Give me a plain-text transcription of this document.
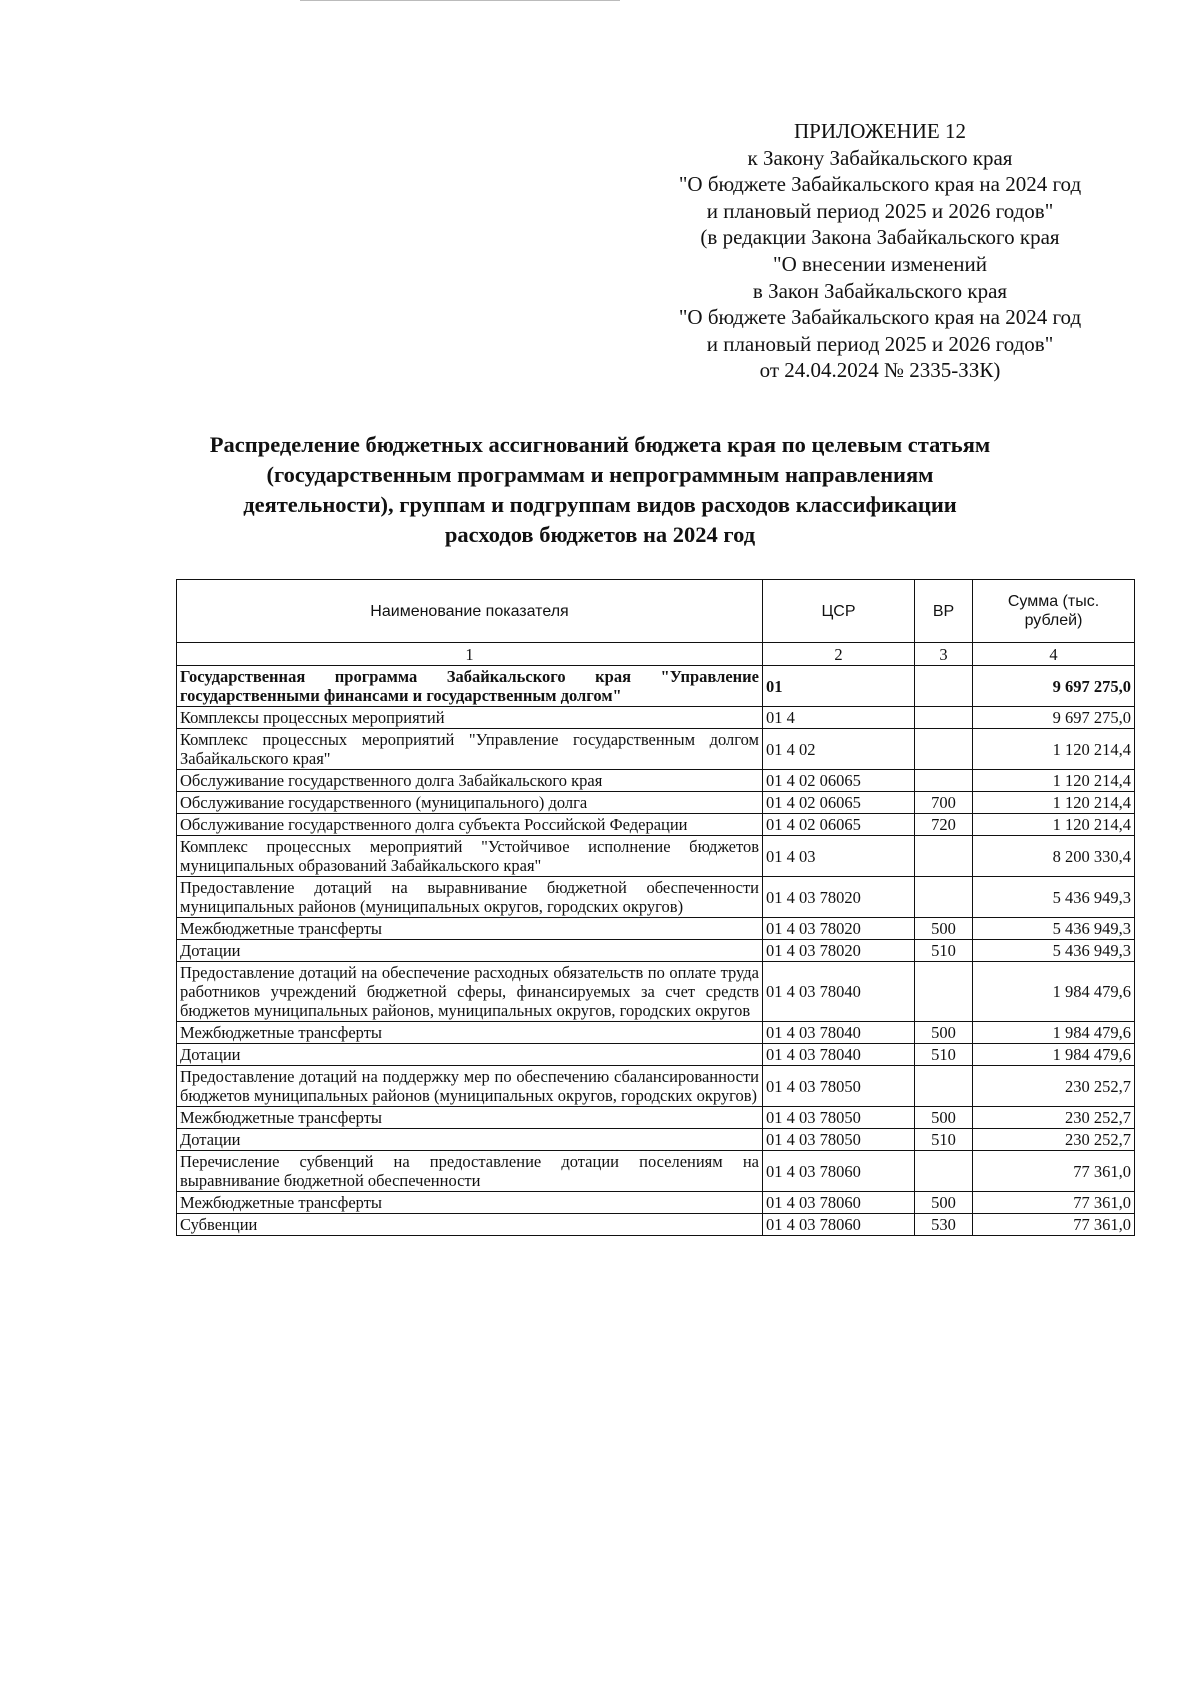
ПРИЛОЖЕНИЕ 12
к Закону Забайкальского края
"О бюджете Забайкальского края на 2024 год
и плановый период 2025 и 2026 годов"
(в редакции Закона Забайкальского края
"О внесении изменений
в Закон Забайкальского края
"О бюджете Забайкальского края на 2024 год
и плановый период 2025 и 2026 годов"
от 24.04.2024 № 2335-ЗЗК)
Распределение бюджетных ассигнований бюджета края по целевым статьям
(государственным программам и непрограммным направлениям
деятельности), группам и подгруппам видов расходов классификации
расходов бюджетов на 2024 год
Наименование показателя	ЦСР	ВР	Сумма (тыс. рублей)
1	2	3	4
Государственная программа Забайкальского края "Управление государственными финансами и государственным долгом"	01		9 697 275,0
Комплексы процессных мероприятий	01 4		9 697 275,0
Комплекс процессных мероприятий "Управление государственным долгом Забайкальского края"	01 4 02		1 120 214,4
Обслуживание государственного долга Забайкальского края	01 4 02 06065		1 120 214,4
Обслуживание государственного (муниципального) долга	01 4 02 06065	700	1 120 214,4
Обслуживание государственного долга субъекта Российской Федерации	01 4 02 06065	720	1 120 214,4
Комплекс процессных мероприятий "Устойчивое исполнение бюджетов муниципальных образований Забайкальского края"	01 4 03		8 200 330,4
Предоставление дотаций на выравнивание бюджетной обеспеченности муниципальных районов (муниципальных округов, городских округов)	01 4 03 78020		5 436 949,3
Межбюджетные трансферты	01 4 03 78020	500	5 436 949,3
Дотации	01 4 03 78020	510	5 436 949,3
Предоставление дотаций на обеспечение расходных обязательств по оплате труда работников учреждений бюджетной сферы, финансируемых за счет средств бюджетов муниципальных районов, муниципальных округов, городских округов	01 4 03 78040		1 984 479,6
Межбюджетные трансферты	01 4 03 78040	500	1 984 479,6
Дотации	01 4 03 78040	510	1 984 479,6
Предоставление дотаций на поддержку мер по обеспечению сбалансированности бюджетов муниципальных районов (муниципальных округов, городских округов)	01 4 03 78050		230 252,7
Межбюджетные трансферты	01 4 03 78050	500	230 252,7
Дотации	01 4 03 78050	510	230 252,7
Перечисление субвенций на предоставление дотации поселениям на выравнивание бюджетной обеспеченности	01 4 03 78060		77 361,0
Межбюджетные трансферты	01 4 03 78060	500	77 361,0
Субвенции	01 4 03 78060	530	77 361,0
